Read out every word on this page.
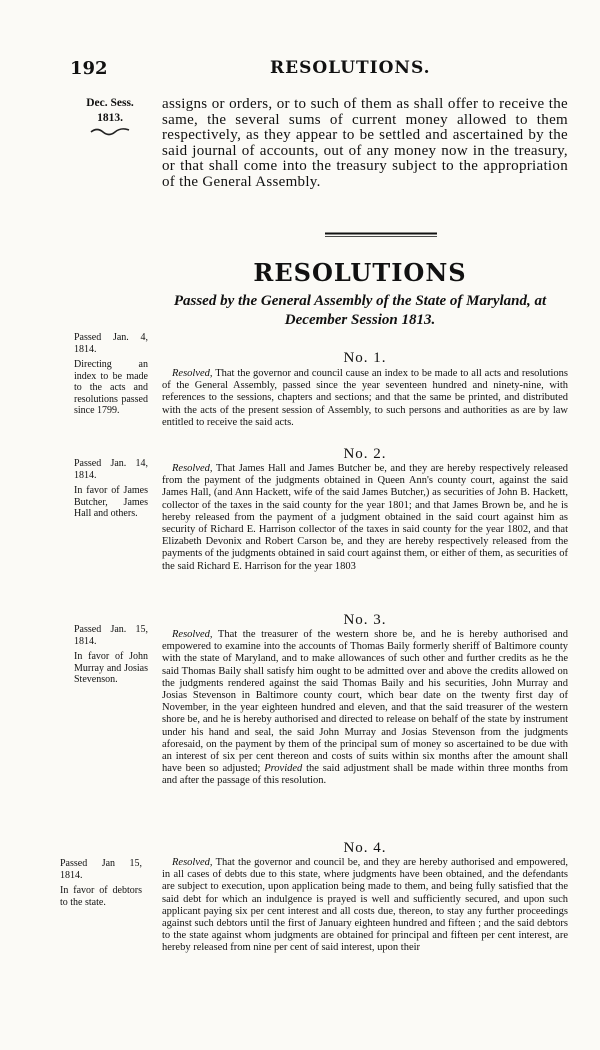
192	RESOLUTIONS.
Dec. Sess.
1813.
assigns or orders, or to such of them as shall offer to receive the same, the several sums of current money allowed to them respectively, as they appear to be settled and ascertained by the said journal of accounts, out of any money now in the treasury, or that shall come into the treasury subject to the appropriation of the General Assembly.
RESOLUTIONS
Passed by the General Assembly of the State of Maryland, at December Session 1813.
Passed Jan. 4, 1814.
Directing an index to be made to the acts and resolutions passed since 1799.
No. 1.
Resolved, That the governor and council cause an index to be made to all acts and resolutions of the General Assembly, passed since the year seventeen hundred and ninety-nine, with references to the sessions, chapters and sections; and that the same be printed, and distributed with the acts of the present session of Assembly, to such persons and authorities as are by law entitled to receive the said acts.
Passed Jan. 14, 1814.
In favor of James Butcher, James Hall and others.
No. 2.
Resolved, That James Hall and James Butcher be, and they are hereby respectively released from the payment of the judgments obtained in Queen Ann's county court, against the said James Hall, (and Ann Hackett, wife of the said James Butcher,) as securities of John B. Hackett, collector of the taxes in the said county for the year 1801; and that James Brown be, and he is hereby released from the payment of a judgment obtained in the said court against him as security of Richard E. Harrison collector of the taxes in said county for the year 1802, and that Elizabeth Devonix and Robert Carson be, and they are hereby respectively released from the payments of the judgments obtained in said court against them, or either of them, as securities of the said Richard E. Harrison for the year 1803
Passed Jan. 15, 1814.
In favor of John Murray and Josias Stevenson.
No. 3.
Resolved, That the treasurer of the western shore be, and he is hereby authorised and empowered to examine into the accounts of Thomas Baily formerly sheriff of Baltimore county with the state of Maryland, and to make allowances of such other and further credits as he the said Thomas Baily shall satisfy him ought to be admitted over and above the credits allowed on the judgments rendered against the said Thomas Baily and his securities, John Murray and Josias Stevenson in Baltimore county court, which bear date on the twenty first day of November, in the year eighteen hundred and eleven, and that the said treasurer of the western shore be, and he is hereby authorised and directed to release on behalf of the state by instrument under his hand and seal, the said John Murray and Josias Stevenson from the judgments aforesaid, on the payment by them of the principal sum of money so ascertained to be due with an interest of six per cent thereon and costs of suits within six months after the amount shall have been so adjusted; Provided the said adjustment shall be made within three months from and after the passage of this resolution.
Passed Jan 15, 1814.
In favor of debtors to the state.
No. 4.
Resolved, That the governor and council be, and they are hereby authorised and empowered, in all cases of debts due to this state, where judgments have been obtained, and the defendants are subject to execution, upon application being made to them, and being fully satisfied that the said debt for which an indulgence is prayed is well and sufficiently secured, and upon such applicant paying six per cent interest and all costs due, thereon, to stay any further proceedings against such debtors until the first of January eighteen hundred and fifteen ; and the said debtors to the state against whom judgments are obtained for principal and fifteen per cent interest, are hereby released from nine per cent of said interest, upon their
